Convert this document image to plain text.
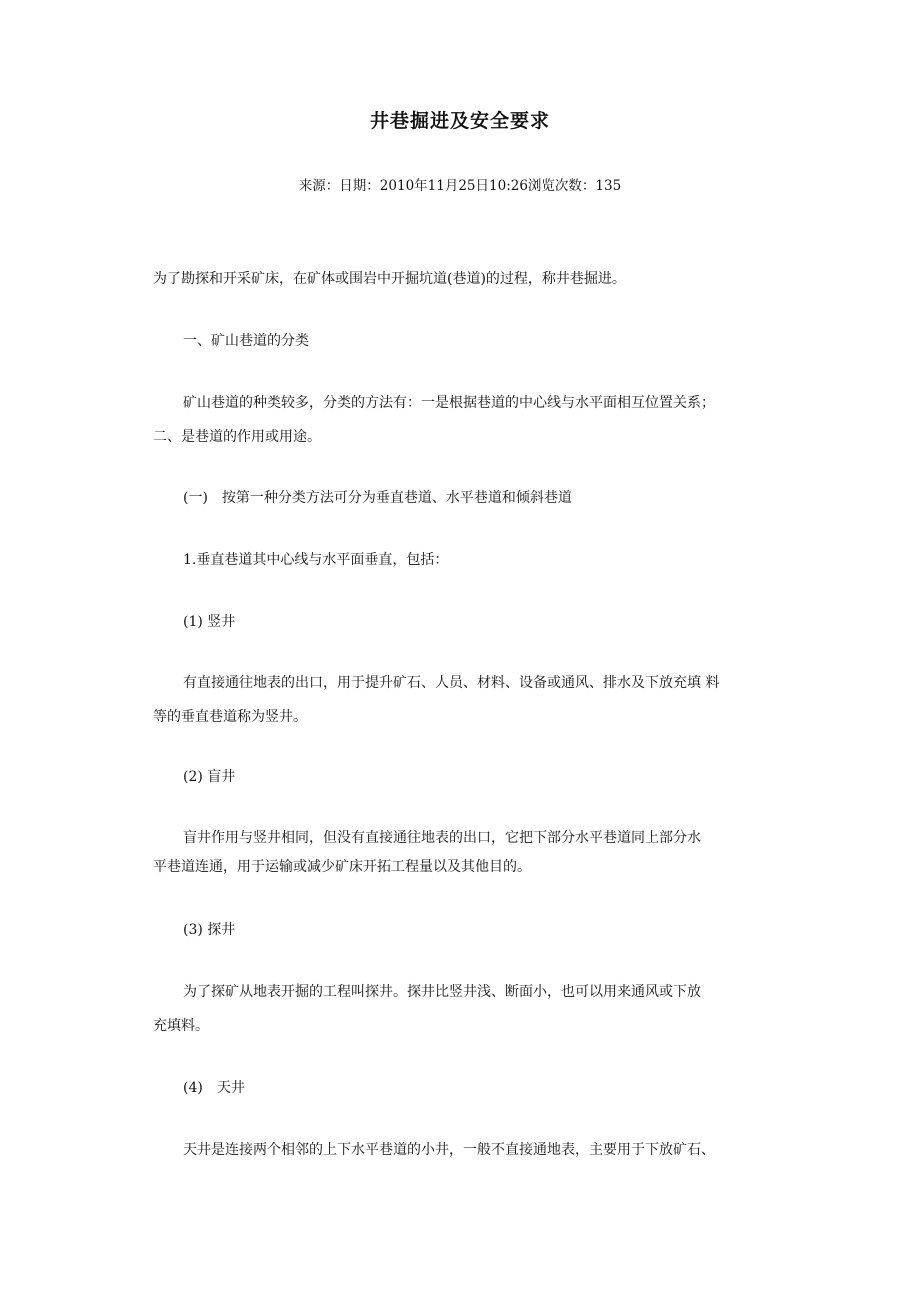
井巷掘进及安全要求
来源：日期：2010年11月25日10:26浏览次数：135
为了勘探和开采矿床，在矿体或围岩中开掘坑道(巷道)的过程，称井巷掘进。
一、矿山巷道的分类
矿山巷道的种类较多，分类的方法有：一是根据巷道的中心线与水平面相互位置关系；
二、是巷道的作用或用途。
(一)　按第一种分类方法可分为垂直巷道、水平巷道和倾斜巷道
1.垂直巷道其中心线与水平面垂直，包括：
(1) 竖井
有直接通往地表的出口，用于提升矿石、人员、材料、设备或通风、排水及下放充填 料
等的垂直巷道称为竖井。
(2) 盲井
盲井作用与竖井相同，但没有直接通往地表的出口，它把下部分水平巷道同上部分水
平巷道连通，用于运输或减少矿床开拓工程量以及其他目的。
(3) 探井
为了探矿从地表开掘的工程叫探井。探井比竖井浅、断面小，也可以用来通风或下放
充填料。
(4)　天井
天井是连接两个相邻的上下水平巷道的小井，一般不直接通地表，主要用于下放矿石、
